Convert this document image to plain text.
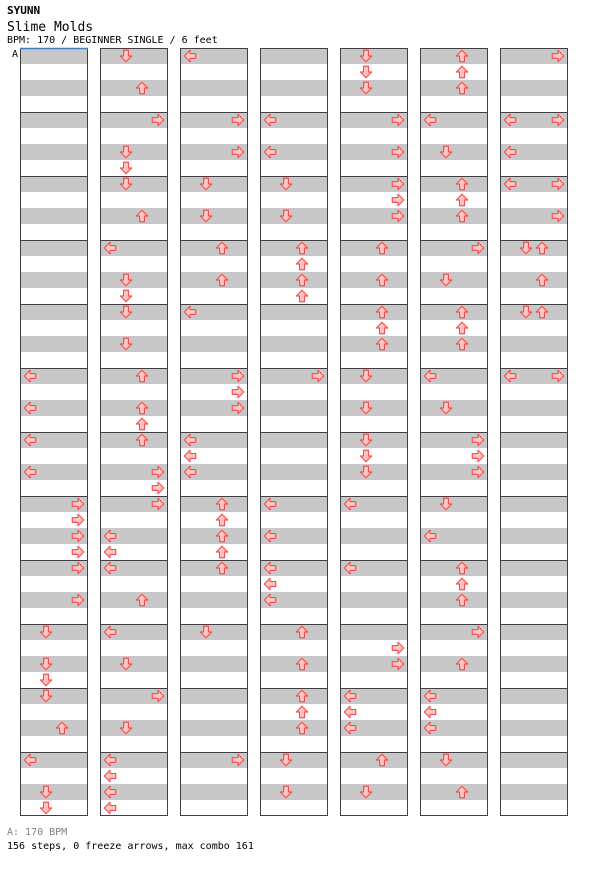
SYUNN
Slime Molds
BPM: 170 / BEGINNER SINGLE / 6 feet
A
A: 170 BPM
156 steps, 0 freeze arrows, max combo 161
